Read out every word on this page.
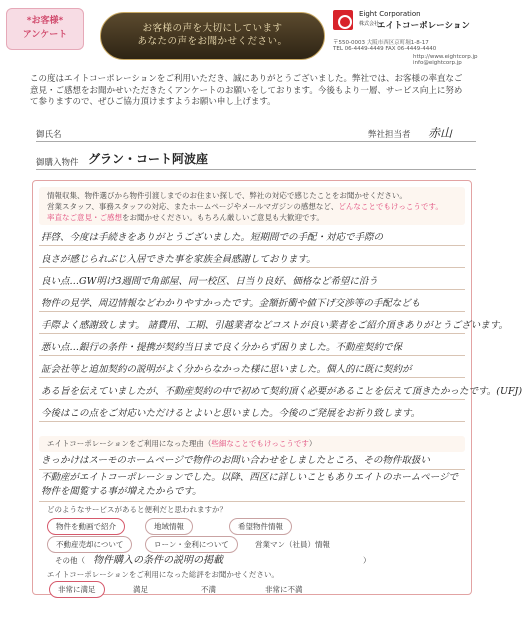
*お客様*
アンケート
お客様の声を大切にしています
あなたの声をお聞かせください。
Eight Corporation
株式会社
エイトコーポレーション
〒550-0003 大阪市西区京町堀1-8-17
TEL 06-4449-4449 FAX 06-4449-4440
http://www.eightcorp.jp
info@eightcorp.jp
この度はエイトコーポレーションをご利用いただき、誠にありがとうございました。弊社では、お客様の率直なご意見・ご感想をお聞かせいただきたくアンケートのお願いをしております。今後もより一層、サービス向上に努めて参りますので、ぜひご協力頂けますようお願い申し上げます。
御氏名	弊社担当者 赤山
御購入物件 グラン・コート阿波座
情報収集、物件選びから物件引渡しまでのお住まい探しで、弊社の対応で感じたことをお聞かせください。
営業スタッフ、事務スタッフの対応、またホームページやメールマガジンの感想など、どんなことでもけっこうです。
率直なご意見・ご感想をお聞かせください。もちろん厳しいご意見も大歓迎です。
拝啓、今度は手続きをありがとうございました。短期間での手配・対応で手際の
良さが感じられぶじ入居できた事を家族全員感謝しております。
良い点…GW明け3週間で角部屋、同一校区、日当り良好、価格など希望に沿う
物件の見学、周辺情報などわかりやすかったです。金額折衝や値下げ交渉等の手配なども
手際よく感謝致します。 諸費用、工期、引越業者などコストが良い業者をご紹介頂きありがとうございます。
悪い点…銀行の条件・提携が契約当日まで良く分からず困りました。不動産契約で保
証会社等と追加契約の説明がよく分からなかった様に思いました。個人的に既に契約が
ある旨を伝えていましたが、不動産契約の中で初めて契約頂く必要があることを伝えて頂きたかったです。(UFJ)
今後はこの点をご対応いただけるとよいと思いました。今後のご発展をお祈り致します。
エイトコーポレーションをご利用になった理由（些細なことでもけっこうです）
きっかけはスーモのホームページで物件のお問い合わせをしましたところ、その物件取扱い
不動産がエイトコーポレーションでした。以降、西区に詳しいこともありエイトのホームページで物件を閲覧する事が増えたからです。
どのようなサービスがあると便利だと思われますか？
物件を動画で紹介	地域情報	希望物件情報
不動産売却について	ローン・金利について	営業マン（社員）情報
その他（ 物件購入の条件の説明の掲載	）
エイトコーポレーションをご利用になった総評をお聞かせください。
非常に満足	満足	不満	非常に不満
